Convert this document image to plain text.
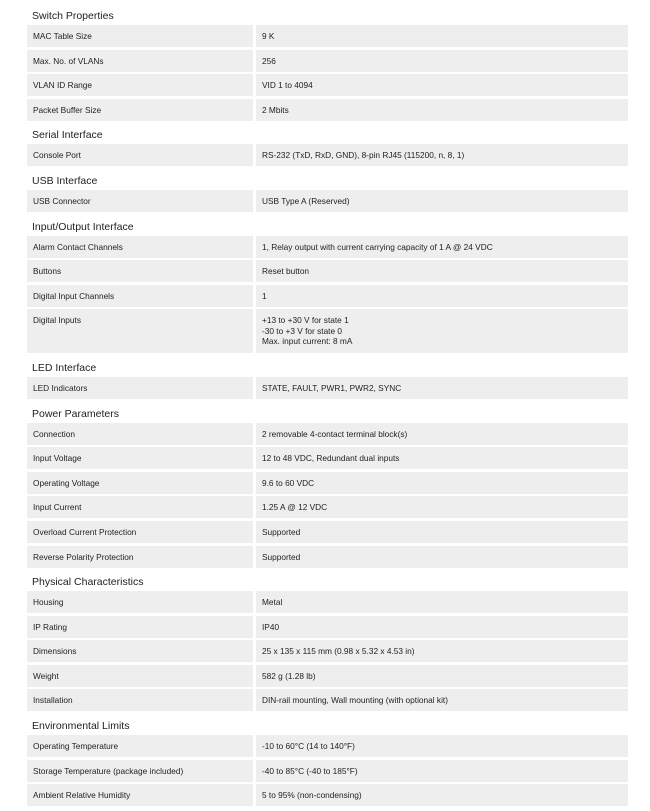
Switch Properties
MAC Table Size	9 K
Max. No. of VLANs	256
VLAN ID Range	VID 1 to 4094
Packet Buffer Size	2 Mbits
Serial Interface
Console Port	RS-232 (TxD, RxD, GND), 8-pin RJ45 (115200, n, 8, 1)
USB Interface
USB Connector	USB Type A (Reserved)
Input/Output Interface
Alarm Contact Channels	1, Relay output with current carrying capacity of 1 A @ 24 VDC
Buttons	Reset button
Digital Input Channels	1
Digital Inputs	+13 to +30 V for state 1
-30 to +3 V for state 0
Max. input current: 8 mA
LED Interface
LED Indicators	STATE, FAULT, PWR1, PWR2, SYNC
Power Parameters
Connection	2 removable 4-contact terminal block(s)
Input Voltage	12 to 48 VDC, Redundant dual inputs
Operating Voltage	9.6 to 60 VDC
Input Current	1.25 A @ 12 VDC
Overload Current Protection	Supported
Reverse Polarity Protection	Supported
Physical Characteristics
Housing	Metal
IP Rating	IP40
Dimensions	25 x 135 x 115 mm (0.98 x 5.32 x 4.53 in)
Weight	582 g (1.28 lb)
Installation	DIN-rail mounting, Wall mounting (with optional kit)
Environmental Limits
Operating Temperature	-10 to 60°C (14 to 140°F)
Storage Temperature (package included)	-40 to 85°C (-40 to 185°F)
Ambient Relative Humidity	5 to 95% (non-condensing)
